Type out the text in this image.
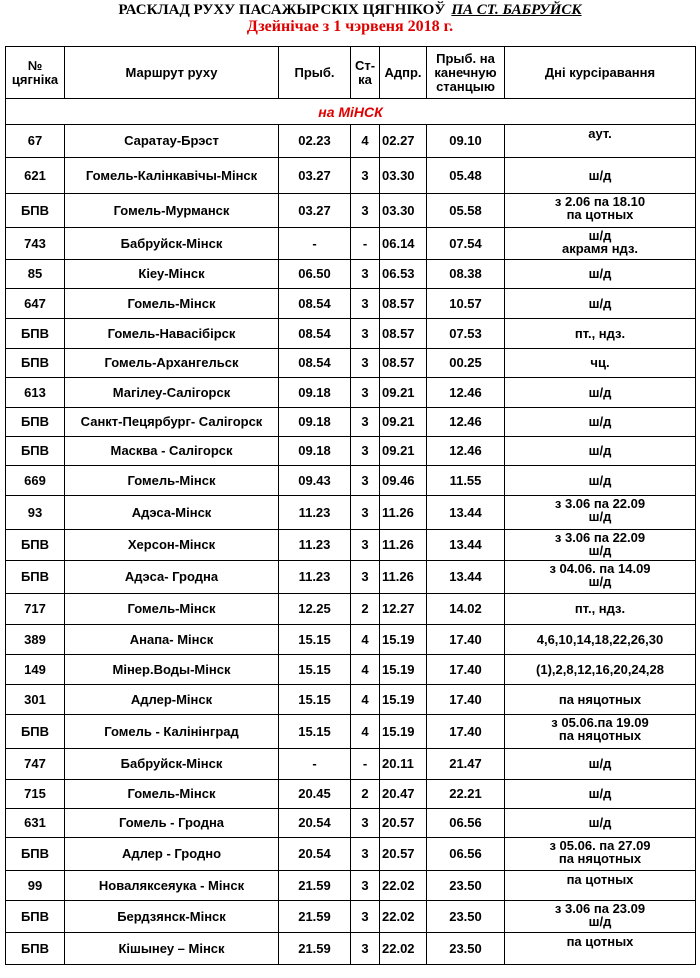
РАСКЛАД РУХУ ПАСАЖЫРСКІХ ЦЯГНІКОЎ ПА СТ. БАБРУЙСК
Дзейнічае з 1 чэрвеня 2018 г.
№ цягніка	Маршрут руху	Прыб.	Ст-ка	Адпр.	Прыб. на канечную станцыю	Дні курсіравання
на МіНСК						
67	Саратау-Брэст	02.23	4	02.27	09.10	аут.
621	Гомель-Калінкавічы-Мінск	03.27	3	03.30	05.48	ш/д
БПВ	Гомель-Мурманск	03.27	3	03.30	05.58	з 2.06 па 18.10
па цотных

743	Бабруйск-Мінск	-	-	06.14	07.54	ш/д
акрамя ндз.

85	Кіеу-Мінск	06.50	3	06.53	08.38	ш/д
647	Гомель-Мінск	08.54	3	08.57	10.57	ш/д
БПВ	Гомель-Навасібірск	08.54	3	08.57	07.53	пт., ндз.
БПВ	Гомель-Архангельск	08.54	3	08.57	00.25	чц.
613	Магілеу-Салігорск	09.18	3	09.21	12.46	ш/д
БПВ	Санкт-Пецярбург- Салігорск	09.18	3	09.21	12.46	ш/д
БПВ	Масква - Салігорск	09.18	3	09.21	12.46	ш/д
669	Гомель-Мінск	09.43	3	09.46	11.55	ш/д
93	Адэса-Мінск	11.23	3	11.26	13.44	з 3.06 па 22.09
ш/д

БПВ	Херсон-Мінск	11.23	3	11.26	13.44	з 3.06 па 22.09
ш/д

БПВ	Адэса- Гродна	11.23	3	11.26	13.44	з 04.06. па 14.09
ш/д

717	Гомель-Мінск	12.25	2	12.27	14.02	пт., ндз.
389	Анапа- Мінск	15.15	4	15.19	17.40	4,6,10,14,18,22,26,30
149	Мінер.Воды-Мінск	15.15	4	15.19	17.40	(1),2,8,12,16,20,24,28
301	Адлер-Мінск	15.15	4	15.19	17.40	па няцотных
БПВ	Гомель - Калінінград	15.15	4	15.19	17.40	з 05.06.па 19.09
па няцотных

747	Бабруйск-Мінск	-	-	20.11	21.47	ш/д
715	Гомель-Мінск	20.45	2	20.47	22.21	ш/д
631	Гомель - Гродна	20.54	3	20.57	06.56	ш/д
БПВ	Адлер - Гродно	20.54	3	20.57	06.56	з 05.06. па 27.09
па няцотных

99	Новаляксеяука - Мінск	21.59	3	22.02	23.50	па цотных
БПВ	Бердзянск-Мінск	21.59	3	22.02	23.50	з 3.06 па 23.09
ш/д

БПВ	Кішынеу – Мінск	21.59	3	22.02	23.50	па цотных
